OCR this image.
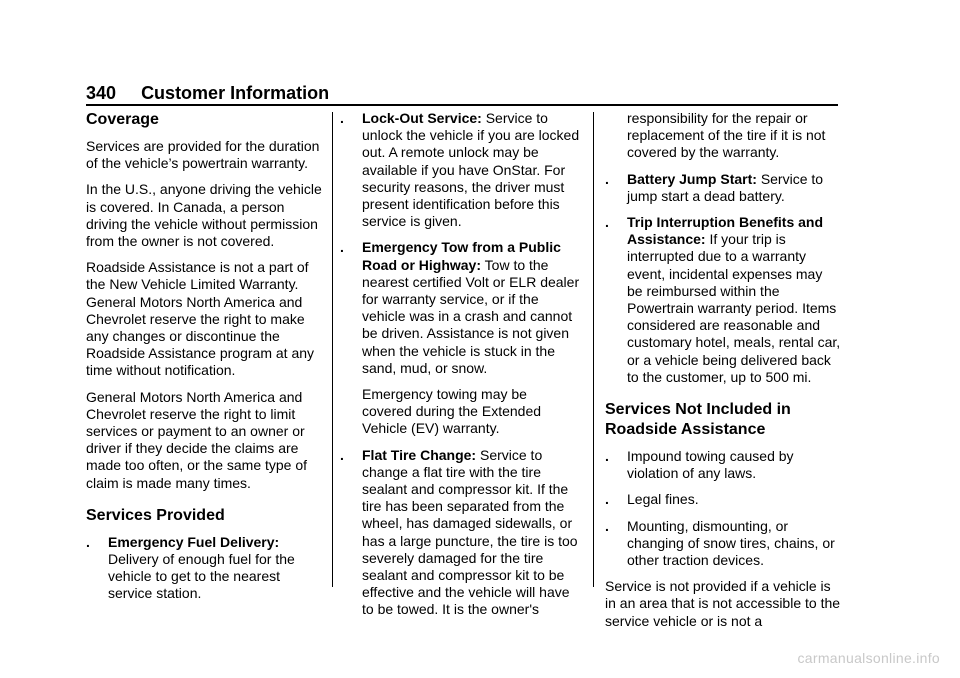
340 Customer Information
Coverage

Services are provided for the duration of the vehicle’s powertrain warranty.

In the U.S., anyone driving the vehicle is covered. In Canada, a person driving the vehicle without permission from the owner is not covered.

Roadside Assistance is not a part of the New Vehicle Limited Warranty. General Motors North America and Chevrolet reserve the right to make any changes or discontinue the Roadside Assistance program at any time without notification.

General Motors North America and Chevrolet reserve the right to limit services or payment to an owner or driver if they decide the claims are made too often, or the same type of claim is made many times.

Services Provided
. Emergency Fuel Delivery: Delivery of enough fuel for the vehicle to get to the nearest service station.
. Lock-Out Service: Service to unlock the vehicle if you are locked out. A remote unlock may be available if you have OnStar. For security reasons, the driver must present identification before this service is given.
. Emergency Tow from a Public Road or Highway: Tow to the nearest certified Volt or ELR dealer for warranty service, or if the vehicle was in a crash and cannot be driven. Assistance is not given when the vehicle is stuck in the sand, mud, or snow.

Emergency towing may be covered during the Extended Vehicle (EV) warranty.

. Flat Tire Change: Service to change a flat tire with the tire sealant and compressor kit. If the tire has been separated from the wheel, has damaged sidewalls, or has a large puncture, the tire is too severely damaged for the tire sealant and compressor kit to be effective and the vehicle will have to be towed. It is the owner's

responsibility for the repair or replacement of the tire if it is not covered by the warranty.

. Battery Jump Start: Service to jump start a dead battery.
. Trip Interruption Benefits and Assistance: If your trip is interrupted due to a warranty event, incidental expenses may be reimbursed within the Powertrain warranty period. Items considered are reasonable and customary hotel, meals, rental car, or a vehicle being delivered back to the customer, up to 500 mi.
Services Not Included in Roadside Assistance
. Impound towing caused by violation of any laws.
. Legal fines.
. Mounting, dismounting, or changing of snow tires, chains, or other traction devices.

Service is not provided if a vehicle is in an area that is not accessible to the service vehicle or is not a

carmanualsonline.info
